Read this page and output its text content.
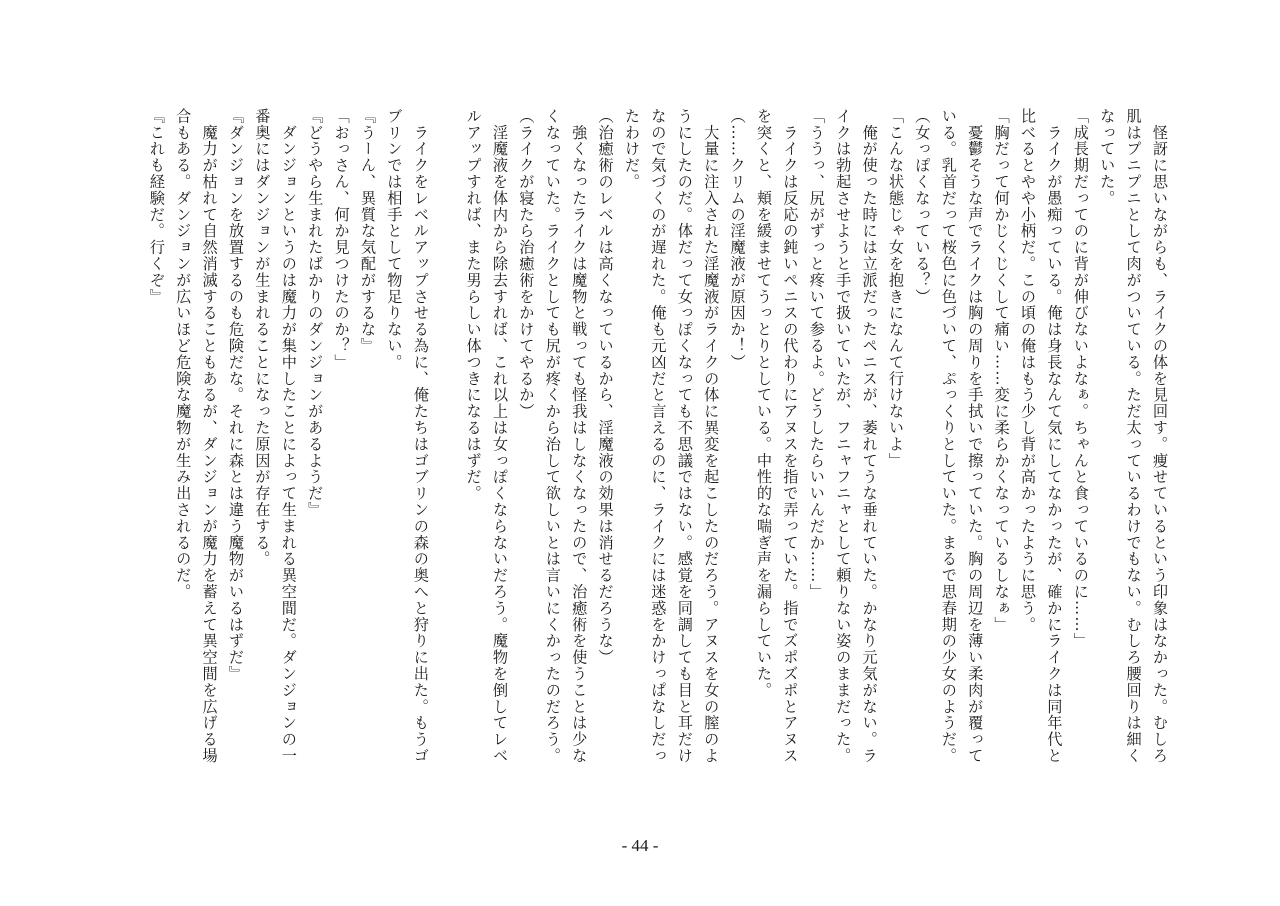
　怪訝に思いながらも、ライクの体を見回す。痩せているという印象はなかった。むしろ
肌はプニプニとして肉がついている。ただ太っているわけでもない。むしろ腰回りは細く
なっていた。
「成長期だってのに背が伸びないよなぁ。ちゃんと食っているのに……」
　ライクが愚痴っている。俺は身長なんて気にしてなかったが、確かにライクは同年代と
比べるとやや小柄だ。この頃の俺はもう少し背が高かったように思う。
「胸だって何かじくじくして痛い……変に柔らかくなっているしなぁ」
　憂鬱そうな声でライクは胸の周りを手拭いで擦っていた。胸の周辺を薄い柔肉が覆って
いる。乳首だって桜色に色づいて、ぷっくりとしていた。まるで思春期の少女のようだ。
（女っぽくなっている？）
「こんな状態じゃ女を抱きになんて行けないよ」
　俺が使った時には立派だったペニスが、萎れてうな垂れていた。かなり元気がない。ラ
イクは勃起させようと手で扱いていたが、フニャフニャとして頼りない姿のままだった。
「ううっ、尻がずっと疼いて参るよ。どうしたらいいんだか……」
　ライクは反応の鈍いペニスの代わりにアヌスを指で弄っていた。指でズポズポとアヌス
を突くと、頬を緩ませてうっとりとしている。中性的な喘ぎ声を漏らしていた。
（……クリムの淫魔液が原因か！）
　大量に注入された淫魔液がライクの体に異変を起こしたのだろう。アヌスを女の膣のよ
うにしたのだ。体だって女っぽくなっても不思議ではない。感覚を同調しても目と耳だけ
なので気づくのが遅れた。俺も元凶だと言えるのに、ライクには迷惑をかけっぱなしだっ
たわけだ。
（治癒術のレベルは高くなっているから、淫魔液の効果は消せるだろうな）
　強くなったライクは魔物と戦っても怪我はしなくなったので、治癒術を使うことは少な
くなっていた。ライクとしても尻が疼くから治して欲しいとは言いにくかったのだろう。
（ライクが寝たら治癒術をかけてやるか）
　淫魔液を体内から除去すれば、これ以上は女っぽくならないだろう。魔物を倒してレベ
ルアップすれば、また男らしい体つきになるはずだ。
　ライクをレベルアップさせる為に、俺たちはゴブリンの森の奥へと狩りに出た。もうゴ
ブリンでは相手として物足りない。
『うーん、異質な気配がするな』
「おっさん、何か見つけたのか？」
『どうやら生まれたばかりのダンジョンがあるようだ』
　ダンジョンというのは魔力が集中したことによって生まれる異空間だ。ダンジョンの一
番奥にはダンジョンが生まれることになった原因が存在する。
『ダンジョンを放置するのも危険だな。それに森とは違う魔物がいるはずだ』
　魔力が枯れて自然消滅することもあるが、ダンジョンが魔力を蓄えて異空間を広げる場
合もある。ダンジョンが広いほど危険な魔物が生み出されるのだ。
『これも経験だ。行くぞ』
- 44 -
